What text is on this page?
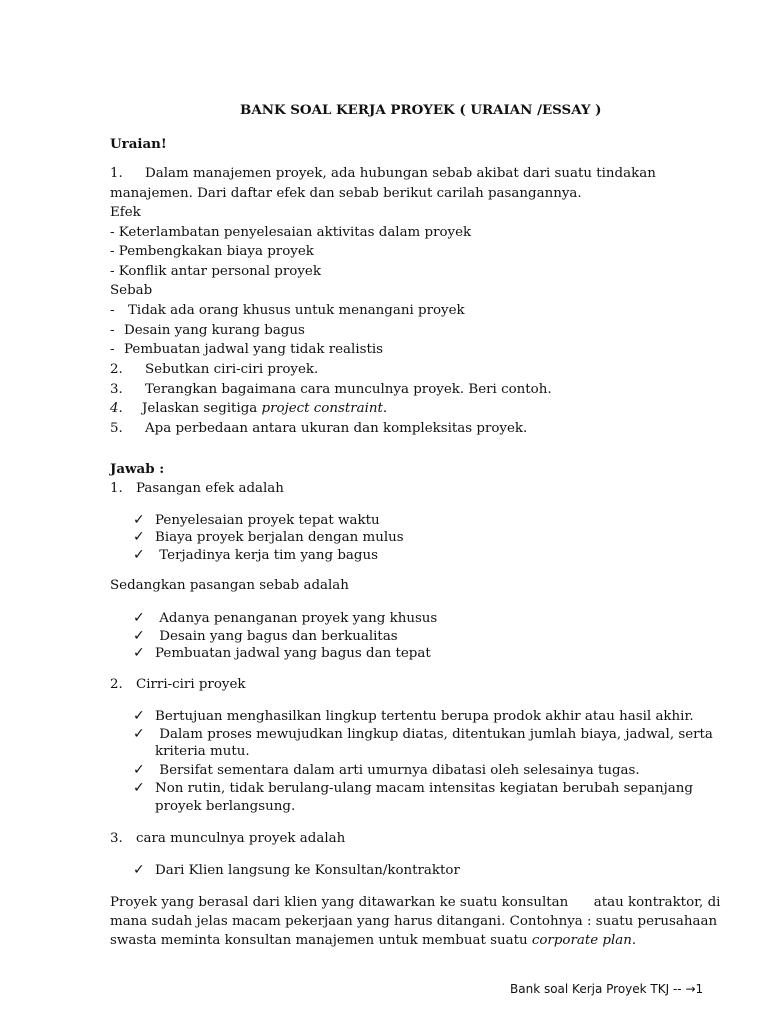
BANK SOAL KERJA PROYEK ( URAIAN /ESSAY )
Uraian!
1. Dalam manajemen proyek, ada hubungan sebab akibat dari suatu tindakan
manajemen. Dari daftar efek dan sebab berikut carilah pasangannya.
Efek
- Keterlambatan penyelesaian aktivitas dalam proyek
- Pembengkakan biaya proyek
- Konflik antar personal proyek
Sebab
- Tidak ada orang khusus untuk menangani proyek
- Desain yang kurang bagus
- Pembuatan jadwal yang tidak realistis
2. Sebutkan ciri-ciri proyek.
3. Terangkan bagaimana cara munculnya proyek. Beri contoh.
4. Jelaskan segitiga project constraint.
5. Apa perbedaan antara ukuran dan kompleksitas proyek.
Jawab :
1. Pasangan efek adalah
✓ Penyelesaian proyek tepat waktu
✓ Biaya proyek berjalan dengan mulus
✓ Terjadinya kerja tim yang bagus
Sedangkan pasangan sebab adalah
✓ Adanya penanganan proyek yang khusus
✓ Desain yang bagus dan berkualitas
✓ Pembuatan jadwal yang bagus dan tepat
2. Cirri-ciri proyek
✓ Bertujuan menghasilkan lingkup tertentu berupa prodok akhir atau hasil akhir.
✓ Dalam proses mewujudkan lingkup diatas, ditentukan jumlah biaya, jadwal, serta
kriteria mutu.
✓ Bersifat sementara dalam arti umurnya dibatasi oleh selesainya tugas.
✓ Non rutin, tidak berulang-ulang macam intensitas kegiatan berubah sepanjang
proyek berlangsung.
3. cara munculnya proyek adalah
✓ Dari Klien langsung ke Konsultan/kontraktor
Proyek yang berasal dari klien yang ditawarkan ke suatu konsultan      atau kontraktor, di
mana sudah jelas macam pekerjaan yang harus ditangani. Contohnya : suatu perusahaan
swasta meminta konsultan manajemen untuk membuat suatu corporate plan.
Bank soal Kerja Proyek TKJ -- →1
